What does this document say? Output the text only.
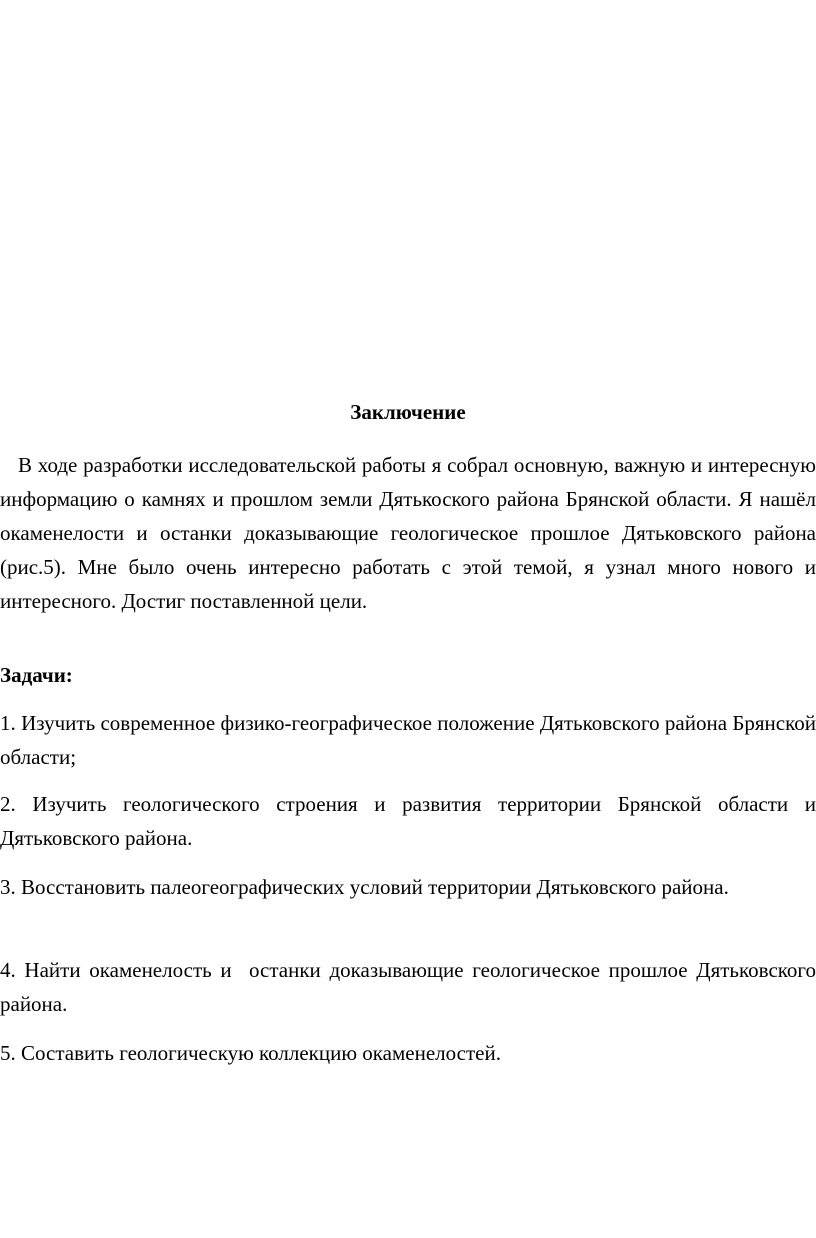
Заключение

В ходе разработки исследовательской работы я собрал основную, важную и интересную информацию о камнях и прошлом земли Дятькоского района Брянской области. Я нашёл окаменелости и останки доказывающие геологическое прошлое Дятьковского района (рис.5). Мне было очень интересно работать с этой темой, я узнал много нового и интересного. Достиг поставленной цели.

Задачи:

1. Изучить современное физико-географическое положение Дятьковского района Брянской области;

2. Изучить геологического строения и развития территории Брянской области и Дятьковского района.

3. Восстановить палеогеографических условий территории Дятьковского района.

4. Найти окаменелость и  останки доказывающие геологическое прошлое Дятьковского района.

5. Составить геологическую коллекцию окаменелостей.
